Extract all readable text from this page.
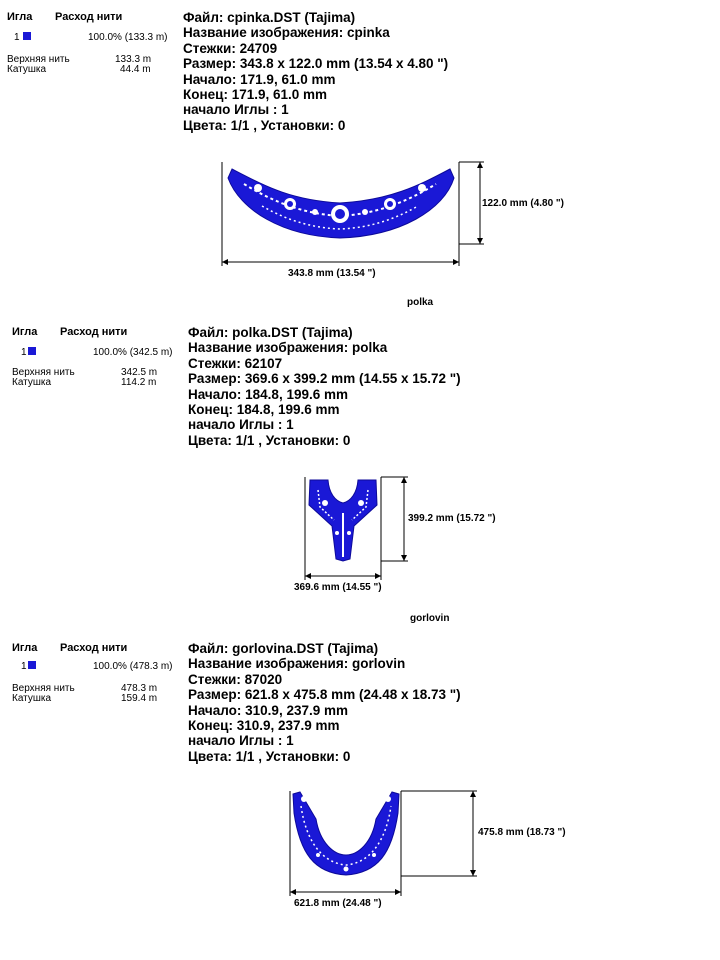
Игла Расход нити
1	100.0% (133.3 m)
Верхняя нить	133.3 m
Катушка	44.4 m
Файл: cpinka.DST (Tajima)
Название изображения: cpinka
Стежки: 24709
Размер: 343.8 x 122.0 mm (13.54 x 4.80 ")
Начало: 171.9, 61.0 mm
Конец: 171.9, 61.0 mm
начало Иглы : 1
Цвета: 1/1 , Установки: 0
122.0 mm (4.80 ")
343.8 mm (13.54 ")
polka
Игла Расход нити
1	100.0% (342.5 m)
Верхняя нить	342.5 m
Катушка	114.2 m
Файл: polka.DST (Tajima)
Название изображения: polka
Стежки: 62107
Размер: 369.6 x 399.2 mm (14.55 x 15.72 ")
Начало: 184.8, 199.6 mm
Конец: 184.8, 199.6 mm
начало Иглы : 1
Цвета: 1/1 , Установки: 0
399.2 mm (15.72 ")
369.6 mm (14.55 ")
gorlovin
Игла Расход нити
1	100.0% (478.3 m)
Верхняя нить	478.3 m
Катушка	159.4 m
Файл: gorlovina.DST (Tajima)
Название изображения: gorlovin
Стежки: 87020
Размер: 621.8 x 475.8 mm (24.48 x 18.73 ")
Начало: 310.9, 237.9 mm
Конец: 310.9, 237.9 mm
начало Иглы : 1
Цвета: 1/1 , Установки: 0
475.8 mm (18.73 ")
621.8 mm (24.48 ")
